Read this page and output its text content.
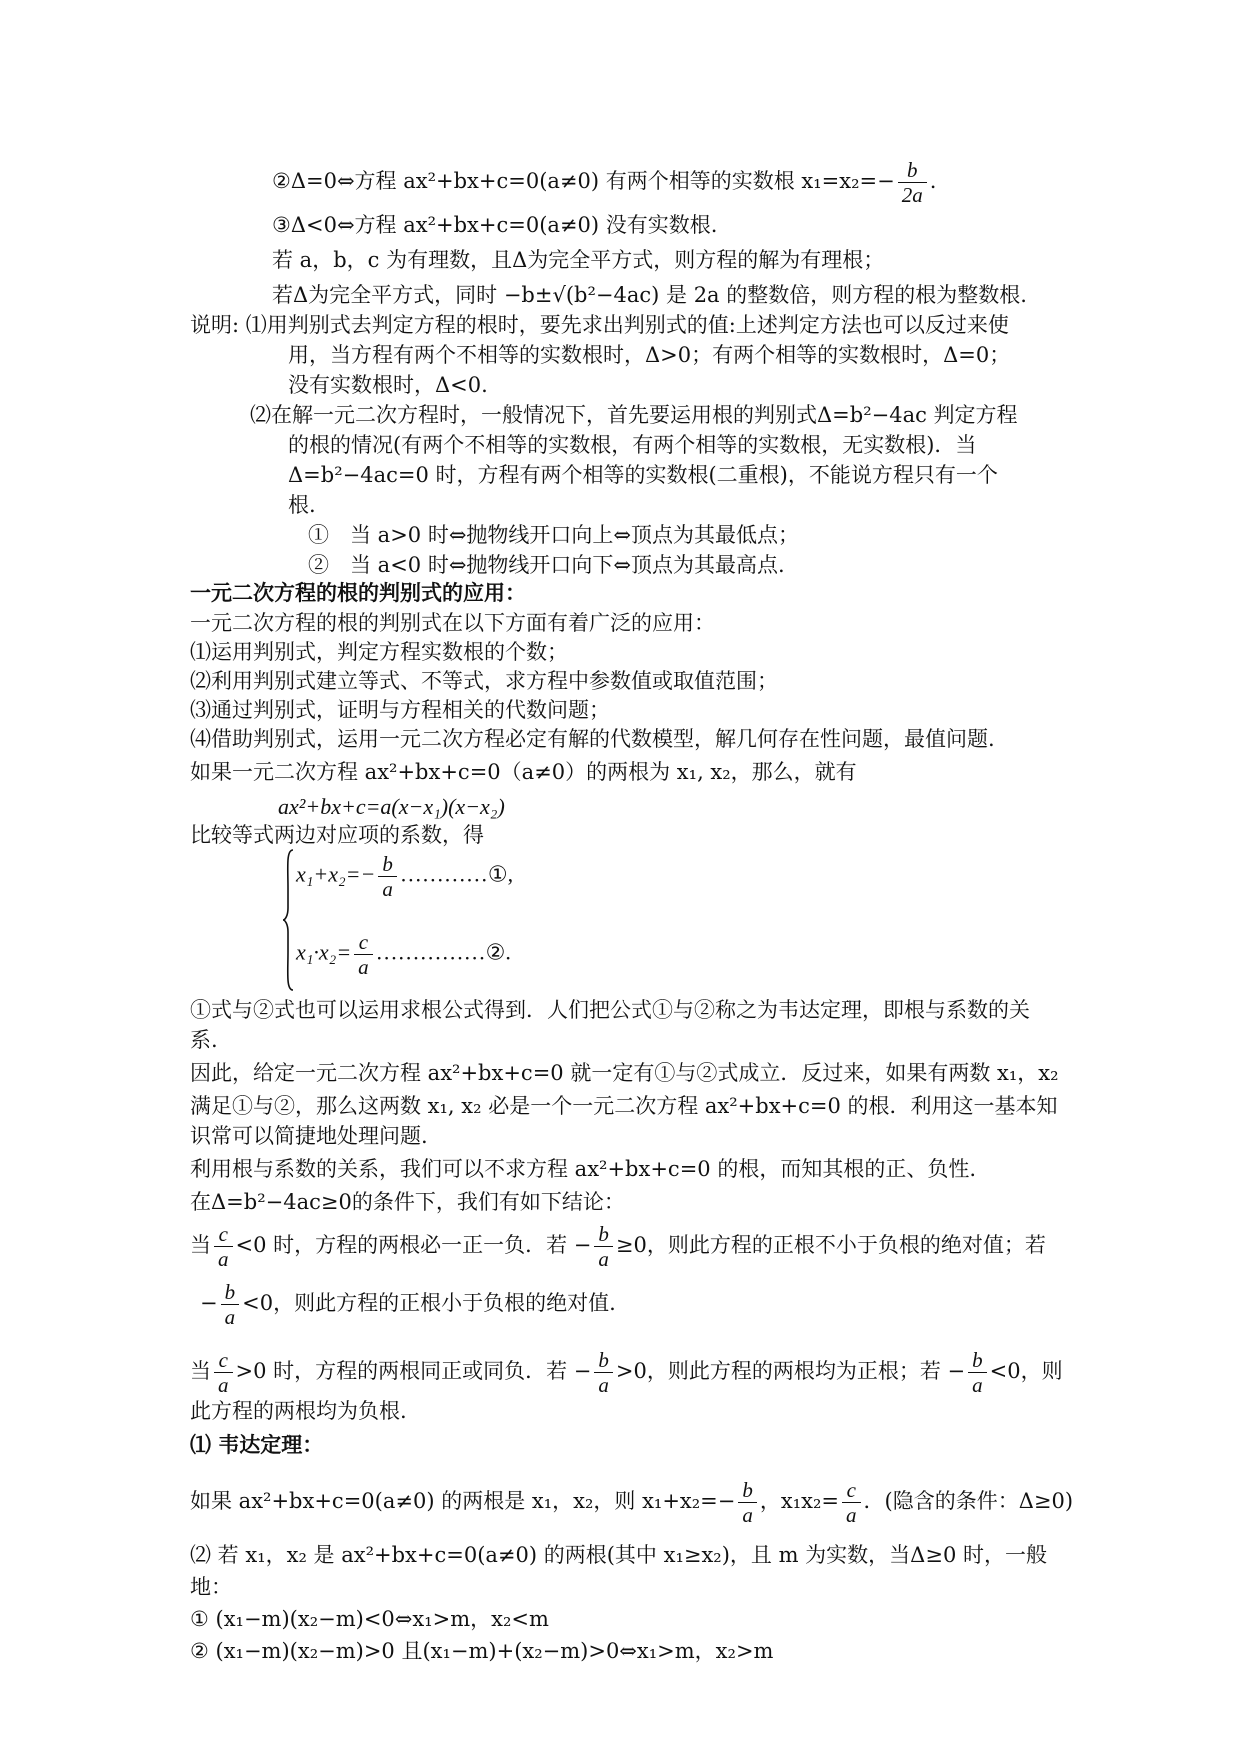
②Δ=0⇔方程 ax²+bx+c=0(a≠0) 有两个相等的实数根 $x_1=x_2=- \frac{b}{2a}$ .
③Δ<0⇔方程 ax²+bx+c=0(a≠0) 没有实数根.
若 a，b，c 为有理数，且Δ为完全平方式，则方程的解为有理根；
若Δ为完全平方式，同时 −b±√(b²−4ac) 是 2a 的整数倍，则方程的根为整数根.
说明: ⑴用判别式去判定方程的根时，要先求出判别式的值:上述判定方法也可以反过来使
用，当方程有两个不相等的实数根时，Δ>0；有两个相等的实数根时，Δ=0；
没有实数根时，Δ<0.
⑵在解一元二次方程时，一般情况下，首先要运用根的判别式Δ=b²−4ac 判定方程
的根的情况(有两个不相等的实数根，有两个相等的实数根，无实数根)．当
Δ=b²−4ac=0 时，方程有两个相等的实数根(二重根)，不能说方程只有一个
根.
①　当 a>0 时⇔抛物线开口向上⇔顶点为其最低点；
②　当 a<0 时⇔抛物线开口向下⇔顶点为其最高点.
一元二次方程的根的判别式的应用：
一元二次方程的根的判别式在以下方面有着广泛的应用：
⑴运用判别式，判定方程实数根的个数；
⑵利用判别式建立等式、不等式，求方程中参数值或取值范围；
⑶通过判别式，证明与方程相关的代数问题；
⑷借助判别式，运用一元二次方程必定有解的代数模型，解几何存在性问题，最值问题.
如果一元二次方程 ax²+bx+c=0（a≠0）的两根为 x₁, x₂，那么，就有
ax²+bx+c=a(x−x₁)(x−x₂)
比较等式两边对应项的系数，得
$x_1+x_2=- \frac{b}{a}$ …………①,
$x_1\cdot x_2= \frac{c}{a}$ ……………②.
①式与②式也可以运用求根公式得到．人们把公式①与②称之为韦达定理，即根与系数的关
系.
因此，给定一元二次方程 ax²+bx+c=0 就一定有①与②式成立．反过来，如果有两数 x₁，x₂
满足①与②，那么这两数 x₁, x₂ 必是一个一元二次方程 ax²+bx+c=0 的根．利用这一基本知
识常可以简捷地处理问题.
利用根与系数的关系，我们可以不求方程 ax²+bx+c=0 的根，而知其根的正、负性.
在Δ=b²−4ac≥0的条件下，我们有如下结论：
当 $\frac{c}{a} <0$ 时，方程的两根必一正一负．若 − $\frac{b}{a} \ge 0$，则此方程的正根不小于负根的绝对值；若
− $\frac{b}{a} <0$，则此方程的正根小于负根的绝对值.
当 $\frac{c}{a} >0$ 时，方程的两根同正或同负．若 − $\frac{b}{a} >0$，则此方程的两根均为正根；若 − $\frac{b}{a} <0$，则
此方程的两根均为负根.
⑴ 韦达定理：
如果 ax²+bx+c=0(a≠0) 的两根是 x₁，x₂，则 $x_1+x_2=- \frac{b}{a}$ ，$x_1x_2= \frac{c}{a}$ ．(隐含的条件：Δ≥0)
⑵ 若 x₁，x₂ 是 ax²+bx+c=0(a≠0) 的两根(其中 x₁≥x₂)，且 m 为实数，当Δ≥0 时，一般
地：
① (x₁−m)(x₂−m)<0⇔x₁>m，x₂<m
② (x₁−m)(x₂−m)>0 且(x₁−m)+(x₂−m)>0⇔x₁>m，x₂>m
